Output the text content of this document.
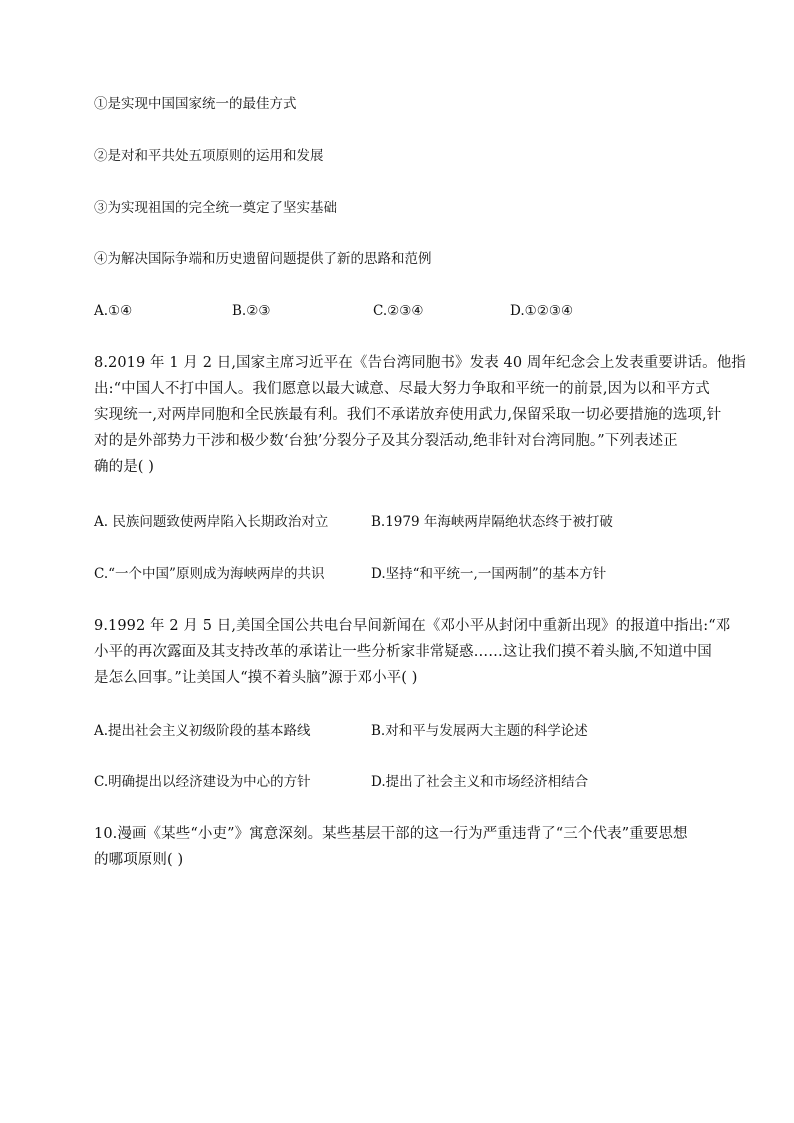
①是实现中国国家统一的最佳方式
②是对和平共处五项原则的运用和发展
③为实现祖国的完全统一奠定了坚实基础
④为解决国际争端和历史遗留问题提供了新的思路和范例
A.①④	B.②③	C.②③④	D.①②③④
8.2019 年 1 月 2 日,国家主席习近平在《告台湾同胞书》发表 40 周年纪念会上发表重要讲话。他指
出:“中国人不打中国人。我们愿意以最大诚意、尽最大努力争取和平统一的前景,因为以和平方式
实现统一,对两岸同胞和全民族最有利。我们不承诺放弃使用武力,保留采取一切必要措施的选项,针
对的是外部势力干涉和极少数‘台独’分裂分子及其分裂活动,绝非针对台湾同胞。”下列表述正
确的是( )
A. 民族问题致使两岸陷入长期政治对立	B.1979 年海峡两岸隔绝状态终于被打破
C.“一个中国”原则成为海峡两岸的共识	D.坚持“和平统一,一国两制”的基本方针
9.1992 年 2 月 5 日,美国全国公共电台早间新闻在《邓小平从封闭中重新出现》的报道中指出:“邓
小平的再次露面及其支持改革的承诺让一些分析家非常疑惑……这让我们摸不着头脑,不知道中国
是怎么回事。”让美国人“摸不着头脑”源于邓小平( )
A.提出社会主义初级阶段的基本路线	B.对和平与发展两大主题的科学论述
C.明确提出以经济建设为中心的方针	D.提出了社会主义和市场经济相结合
10.漫画《某些“小吏”》寓意深刻。某些基层干部的这一行为严重违背了“三个代表”重要思想
的哪项原则( )
